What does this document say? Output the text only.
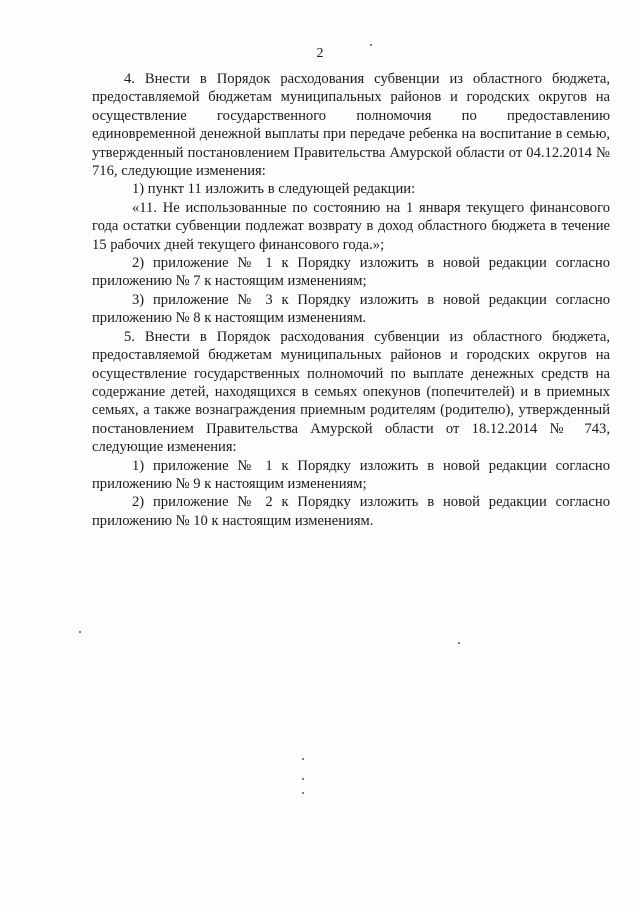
2

4. Внести в Порядок расходования субвенции из областного бюджета, предоставляемой бюджетам муниципальных районов и городских округов на осуществление государственного полномочия по предоставлению единовременной денежной выплаты при передаче ребенка на воспитание в семью, утвержденный постановлением Правительства Амурской области от 04.12.2014 № 716, следующие изменения:

1) пункт 11 изложить в следующей редакции:

«11. Не использованные по состоянию на 1 января текущего финансового года остатки субвенции подлежат возврату в доход областного бюджета в течение 15 рабочих дней текущего финансового года.»;

2) приложение № 1 к Порядку изложить в новой редакции согласно приложению № 7 к настоящим изменениям;

3) приложение № 3 к Порядку изложить в новой редакции согласно приложению № 8 к настоящим изменениям.

5. Внести в Порядок расходования субвенции из областного бюджета, предоставляемой бюджетам муниципальных районов и городских округов на осуществление государственных полномочий по выплате денежных средств на содержание детей, находящихся в семьях опекунов (попечителей) и в приемных семьях, а также вознаграждения приемным родителям (родителю), утвержденный постановлением Правительства Амурской области от 18.12.2014 № 743, следующие изменения:

1) приложение № 1 к Порядку изложить в новой редакции согласно приложению № 9 к настоящим изменениям;

2) приложение № 2 к Порядку изложить в новой редакции согласно приложению № 10 к настоящим изменениям.
